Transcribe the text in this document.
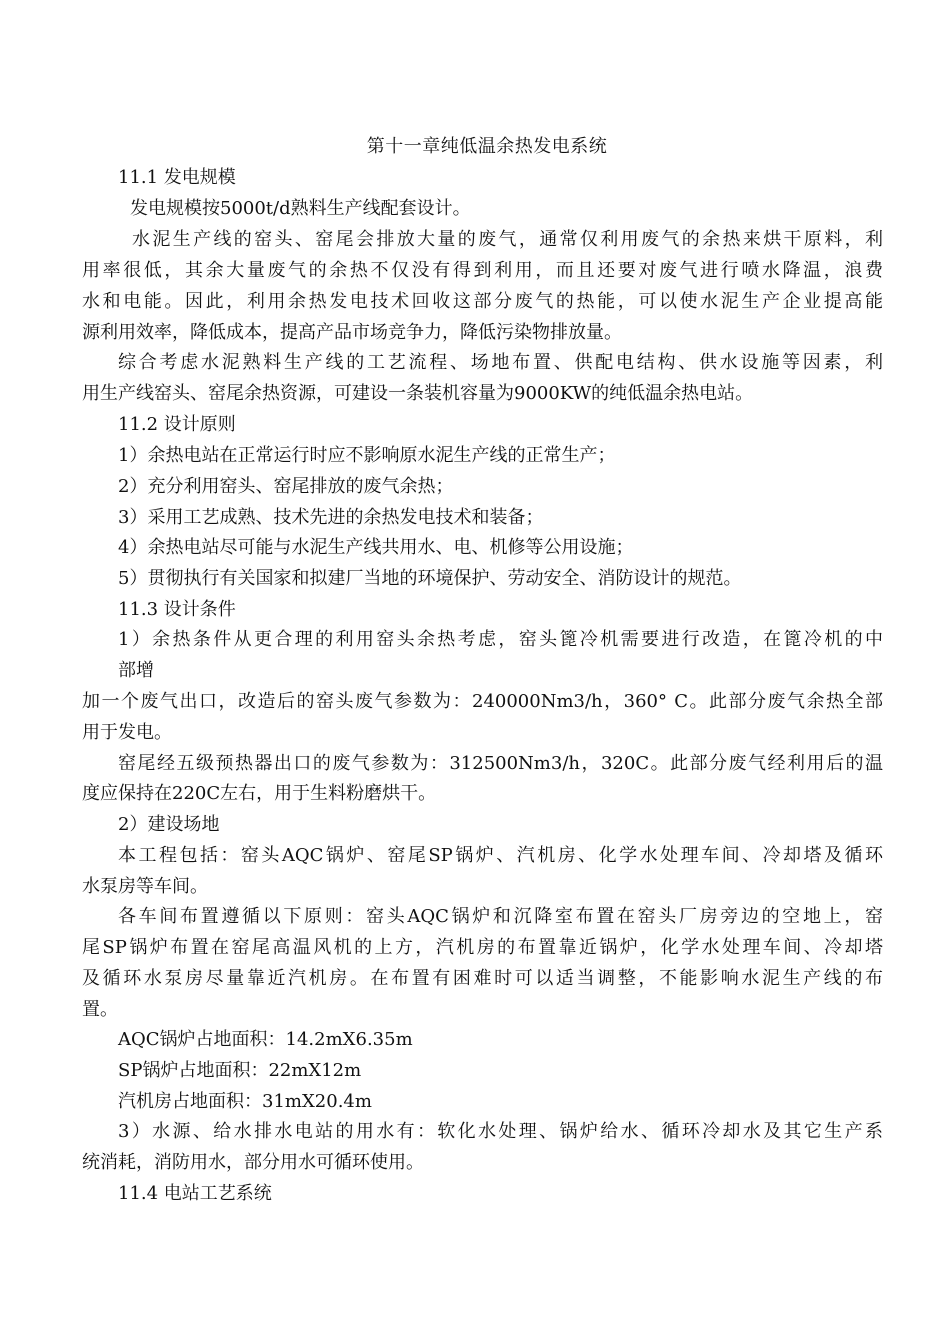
第十一章纯低温余热发电系统
11.1 发电规模
发电规模按5000t/d熟料生产线配套设计。
水泥生产线的窑头、窑尾会排放大量的废气，通常仅利用废气的余热来烘干原料，利
用率很低，其余大量废气的余热不仅没有得到利用，而且还要对废气进行喷水降温，浪费
水和电能。因此，利用余热发电技术回收这部分废气的热能，可以使水泥生产企业提高能
源利用效率，降低成本，提高产品市场竞争力，降低污染物排放量。
综合考虑水泥熟料生产线的工艺流程、场地布置、供配电结构、供水设施等因素，利
用生产线窑头、窑尾余热资源，可建设一条装机容量为9000KW的纯低温余热电站。
11.2 设计原则
1）余热电站在正常运行时应不影响原水泥生产线的正常生产；
2）充分利用窑头、窑尾排放的废气余热；
3）采用工艺成熟、技术先进的余热发电技术和装备；
4）余热电站尽可能与水泥生产线共用水、电、机修等公用设施；
5）贯彻执行有关国家和拟建厂当地的环境保护、劳动安全、消防设计的规范。
11.3 设计条件
1）余热条件从更合理的利用窑头余热考虑，窑头篦冷机需要进行改造，在篦冷机的中
部增
加一个废气出口，改造后的窑头废气参数为：240000Nm3/h，360° C。此部分废气余热全部
用于发电。
窑尾经五级预热器出口的废气参数为：312500Nm3/h，320C。此部分废气经利用后的温
度应保持在220C左右，用于生料粉磨烘干。
2）建设场地
本工程包括：窑头AQC锅炉、窑尾SP锅炉、汽机房、化学水处理车间、冷却塔及循环
水泵房等车间。
各车间布置遵循以下原则：窑头AQC锅炉和沉降室布置在窑头厂房旁边的空地上，窑
尾SP锅炉布置在窑尾高温风机的上方，汽机房的布置靠近锅炉，化学水处理车间、冷却塔
及循环水泵房尽量靠近汽机房。在布置有困难时可以适当调整，不能影响水泥生产线的布
置。
AQC锅炉占地面积：14.2mX6.35m
SP锅炉占地面积：22mX12m
汽机房占地面积：31mX20.4m
3）水源、给水排水电站的用水有：软化水处理、锅炉给水、循环冷却水及其它生产系
统消耗，消防用水，部分用水可循环使用。
11.4 电站工艺系统
